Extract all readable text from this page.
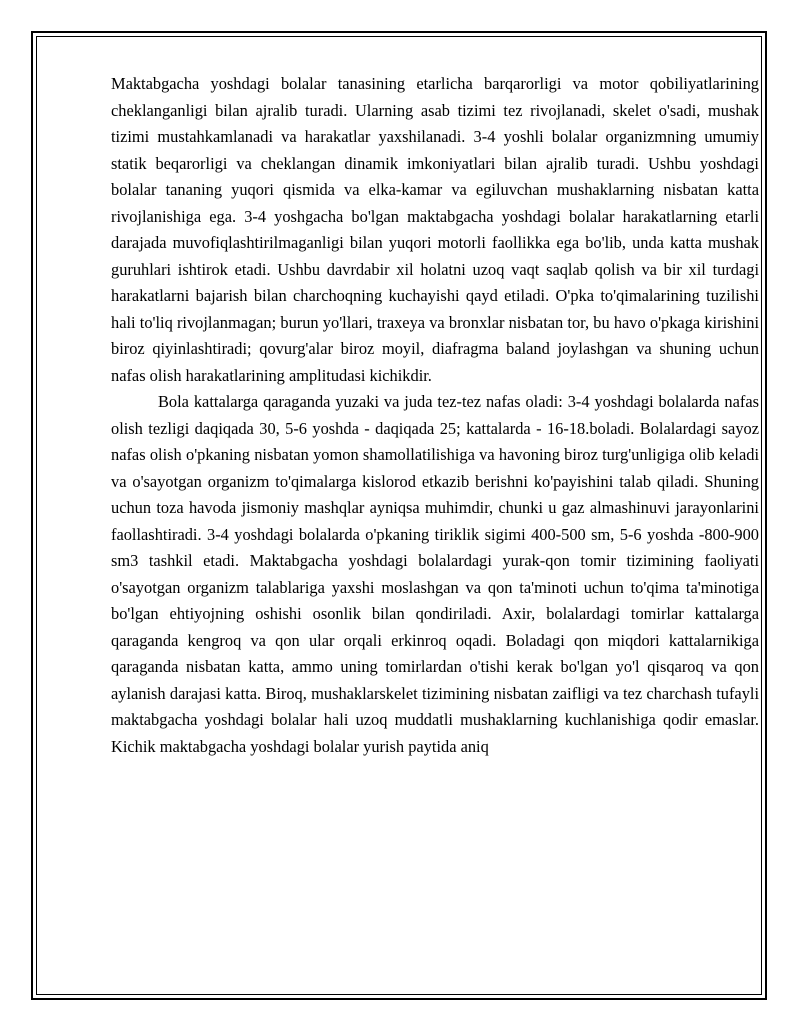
Maktabgacha yoshdagi bolalar tanasining etarlicha barqarorligi va motor qobiliyatlarining cheklanganligi bilan ajralib turadi. Ularning asab tizimi tez rivojlanadi, skelet o'sadi, mushak tizimi mustahkamlanadi va harakatlar yaxshilanadi. 3-4 yoshli bolalar organizmning umumiy statik beqarorligi va cheklangan dinamik imkoniyatlari bilan ajralib turadi. Ushbu yoshdagi bolalar tananing yuqori qismida va elka-kamar va egiluvchan mushaklarning nisbatan katta rivojlanishiga ega. 3-4 yoshgacha bo'lgan maktabgacha yoshdagi bolalar harakatlarning etarli darajada muvofiqlashtirilmaganligi bilan yuqori motorli faollikka ega bo'lib, unda katta mushak guruhlari ishtirok etadi. Ushbu davrdabir xil holatni uzoq vaqt saqlab qolish va bir xil turdagi harakatlarni bajarish bilan charchoqning kuchayishi qayd etiladi. O'pka to'qimalarining tuzilishi hali to'liq rivojlanmagan; burun yo'llari, traxeya va bronxlar nisbatan tor, bu havo o'pkaga kirishini biroz qiyinlashtiradi; qovurg'alar biroz moyil, diafragma baland joylashgan va shuning uchun nafas olish harakatlarining amplitudasi kichikdir.

Bola kattalarga qaraganda yuzaki va juda tez-tez nafas oladi: 3-4 yoshdagi bolalarda nafas olish tezligi daqiqada 30, 5-6 yoshda - daqiqada 25; kattalarda - 16-18.boladi. Bolalardagi sayoz nafas olish o'pkaning nisbatan yomon shamollatilishiga va havoning biroz turg'unligiga olib keladi va o'sayotgan organizm to'qimalarga kislorod etkazib berishni ko'payishini talab qiladi. Shuning uchun toza havoda jismoniy mashqlar ayniqsa muhimdir, chunki u gaz almashinuvi jarayonlarini faollashtiradi. 3-4 yoshdagi bolalarda o'pkaning tiriklik sigimi 400-500 sm, 5-6 yoshda -800-900 sm3 tashkil etadi. Maktabgacha yoshdagi bolalardagi yurak-qon tomir tizimining faoliyati o'sayotgan organizm talablariga yaxshi moslashgan va qon ta'minoti uchun to'qima ta'minotiga bo'lgan ehtiyojning oshishi osonlik bilan qondiriladi. Axir, bolalardagi tomirlar kattalarga qaraganda kengroq va qon ular orqali erkinroq oqadi. Boladagi qon miqdori kattalarnikiga qaraganda nisbatan katta, ammo uning tomirlardan o'tishi kerak bo'lgan yo'l qisqaroq va qon aylanish darajasi katta. Biroq, mushaklarskelet tizimining nisbatan zaifligi va tez charchash tufayli maktabgacha yoshdagi bolalar hali uzoq muddatli mushaklarning kuchlanishiga qodir emaslar. Kichik maktabgacha yoshdagi bolalar yurish paytida aniq
